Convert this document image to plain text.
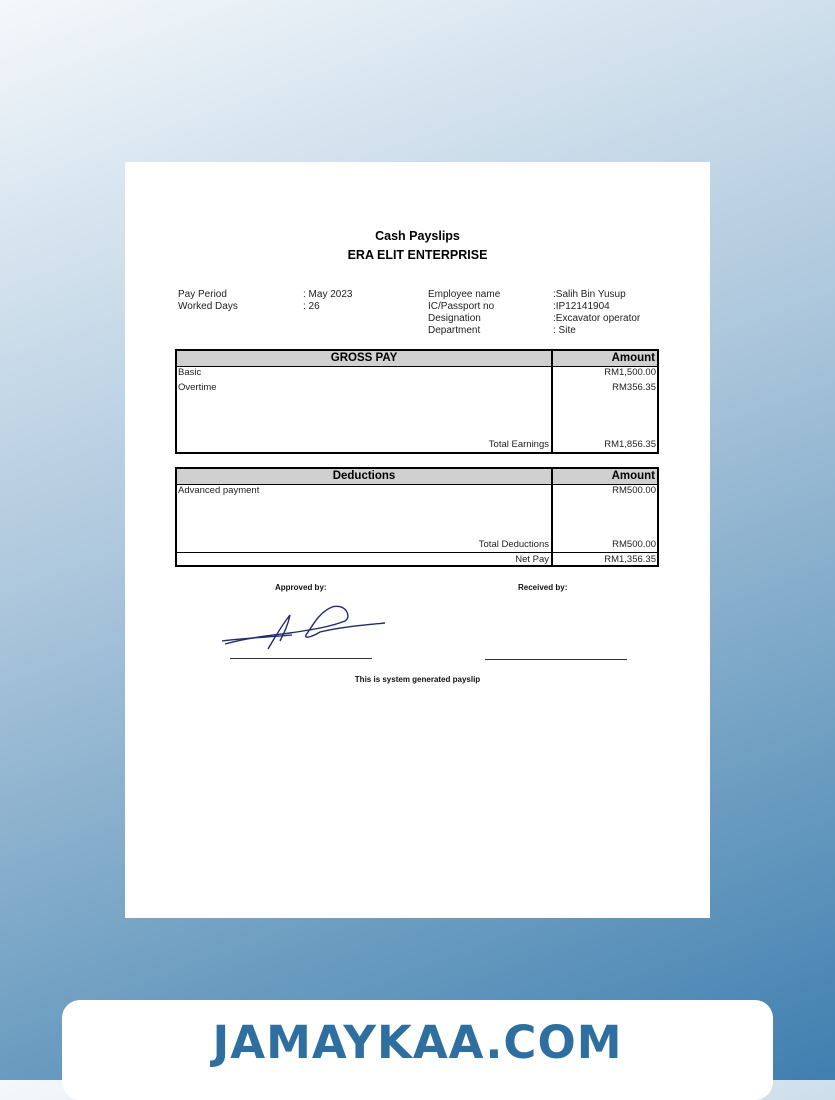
Cash Payslips
ERA ELIT ENTERPRISE
Pay Period	: May 2023
Worked Days	: 26
Employee name	:Salih Bin Yusup
IC/Passport no	:IP12141904
Designation	:Excavator operator
Department	: Site
GROSS PAY	Amount
Basic	RM1,500.00
Overtime	RM356.35
Total Earnings	RM1,856.35
Deductions	Amount
Advanced payment	RM500.00
Total Deductions	RM500.00
Net Pay	RM1,356.35
Approved by:	Received by:
This is system generated payslip
JAMAYKAA.COM
